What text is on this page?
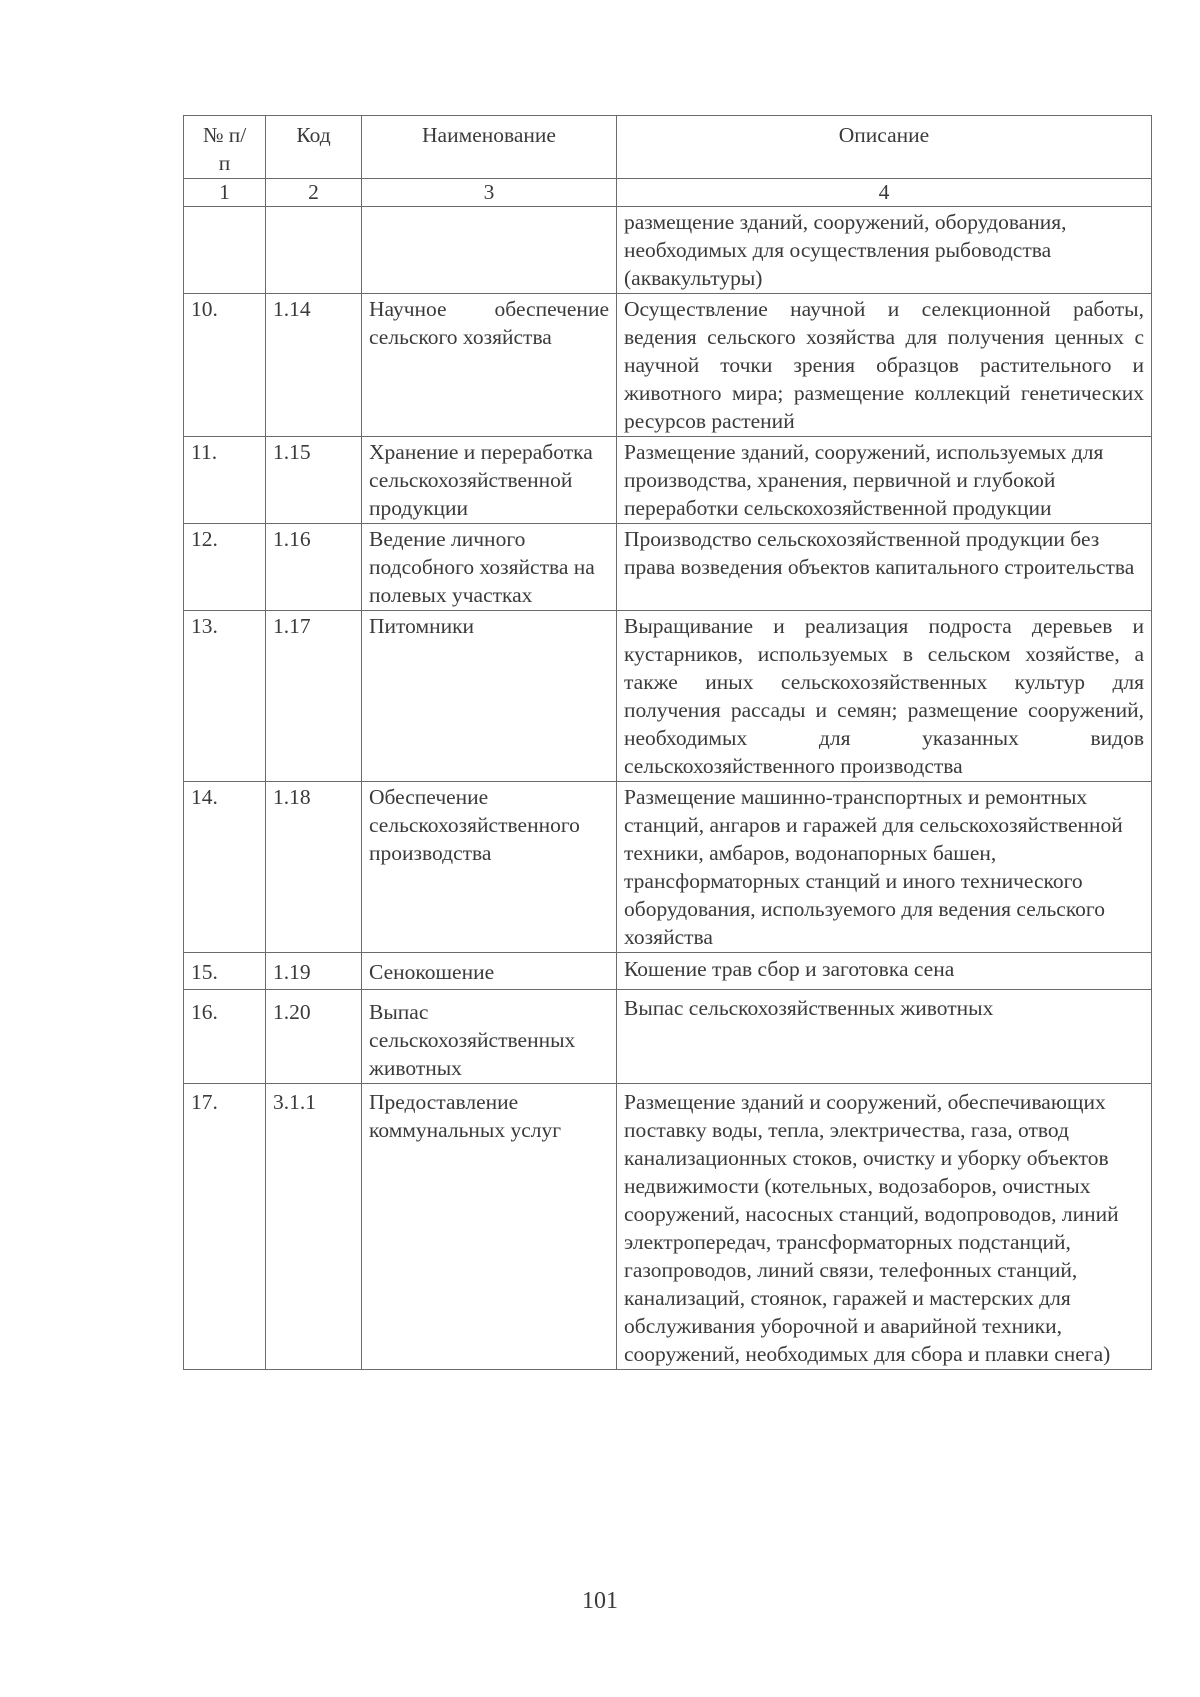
№ п/п	Код	Наименование	Описание
1	2	3	4
			размещение зданий, сооружений, оборудования, необходимых для осуществления рыбоводства (аквакультуры)
10.	1.14	Научное обеспечение сельского хозяйства	Осуществление научной и селекционной работы, ведения сельского хозяйства для получения ценных с научной точки зрения образцов растительного и животного мира; размещение коллекций генетических ресурсов растений
11.	1.15	Хранение и переработка сельскохозяйственной продукции	Размещение зданий, сооружений, используемых для производства, хранения, первичной и глубокой переработки сельскохозяйственной продукции
12.	1.16	Ведение личного подсобного хозяйства на полевых участках	Производство сельскохозяйственной продукции без права возведения объектов капитального строительства
13.	1.17	Питомники	Выращивание и реализация подроста деревьев и кустарников, используемых в сельском хозяйстве, а также иных сельскохозяйственных культур для получения рассады и семян; размещение сооружений, необходимых для указанных видов сельскохозяйственного производства
14.	1.18	Обеспечение сельскохозяйственного производства	Размещение машинно-транспортных и ремонтных станций, ангаров и гаражей для сельскохозяйственной техники, амбаров, водонапорных башен, трансформаторных станций и иного технического оборудования, используемого для ведения сельского хозяйства
15.	1.19	Сенокошение	Кошение трав сбор и заготовка сена
16.	1.20	Выпас сельскохозяйственных животных	Выпас сельскохозяйственных животных
17.	3.1.1	Предоставление коммунальных услуг	Размещение зданий и сооружений, обеспечивающих поставку воды, тепла, электричества, газа, отвод канализационных стоков, очистку и уборку объектов недвижимости (котельных, водозаборов, очистных сооружений, насосных станций, водопроводов, линий электропередач, трансформаторных подстанций, газопроводов, линий связи, телефонных станций, канализаций, стоянок, гаражей и мастерских для обслуживания уборочной и аварийной техники, сооружений, необходимых для сбора и плавки снега)
101
